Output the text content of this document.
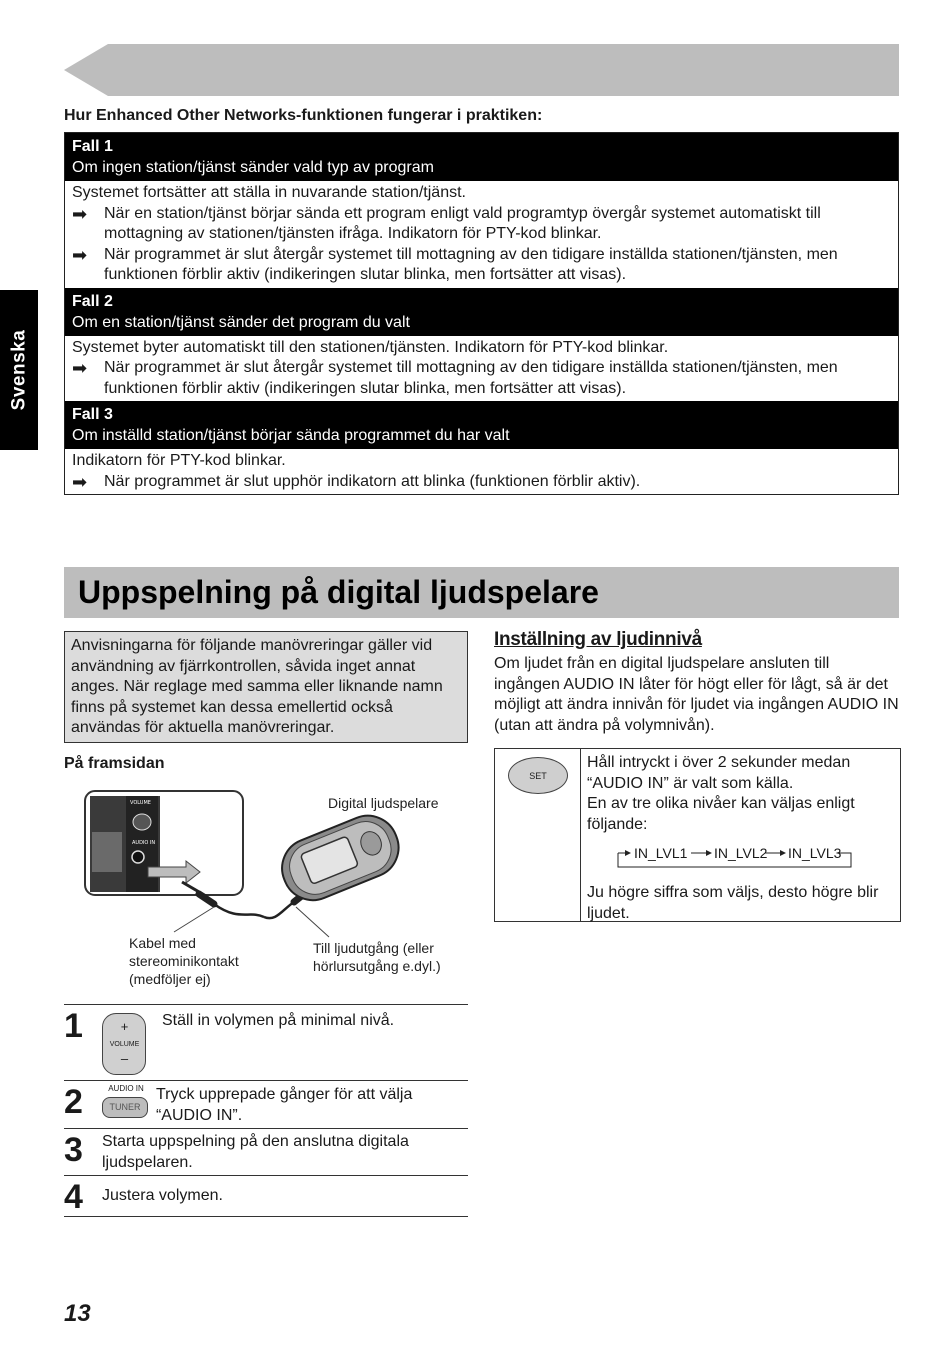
Svenska
Hur Enhanced Other Networks-funktionen fungerar i praktiken:
Fall 1
Om ingen station/tjänst sänder vald typ av program
Systemet fortsätter att ställa in nuvarande station/tjänst.
➡	När en station/tjänst börjar sända ett program enligt vald programtyp övergår systemet automatiskt till mottagning av stationen/tjänsten ifråga. Indikatorn för PTY-kod blinkar.
➡	När programmet är slut återgår systemet till mottagning av den tidigare inställda stationen/tjänsten, men funktionen förblir aktiv (indikeringen slutar blinka, men fortsätter att visas).
Fall 2
Om en station/tjänst sänder det program du valt
Systemet byter automatiskt till den stationen/tjänsten. Indikatorn för PTY-kod blinkar.
➡	När programmet är slut återgår systemet till mottagning av den tidigare inställda stationen/tjänsten, men funktionen förblir aktiv (indikeringen slutar blinka, men fortsätter att visas).
Fall 3
Om inställd station/tjänst börjar sända programmet du har valt
Indikatorn för PTY-kod blinkar.
➡	När programmet är slut upphör indikatorn att blinka (funktionen förblir aktiv).
Uppspelning på digital ljudspelare
Anvisningarna för följande manövreringar gäller vid användning av fjärrkontrollen, såvida inget annat anges. När reglage med samma eller liknande namn finns på systemet kan dessa emellertid också användas för aktuella manövreringar.
På framsidan
VOLUME
AUDIO IN
Digital ljudspelare
Kabel med stereominikontakt (medföljer ej)
Till ljudutgång (eller hörlursutgång e.dyl.)
1	+
VOLUME
–
Ställ in volymen på minimal nivå.
2	AUDIO IN
TUNER
Tryck upprepade gånger för att välja “AUDIO IN”.
3	Starta uppspelning på den anslutna digitala ljudspelaren.
4	Justera volymen.
Inställning av ljudinnivå
Om ljudet från en digital ljudspelare ansluten till ingången AUDIO IN låter för högt eller för lågt, så är det möjligt att ändra innivån för ljudet via ingången AUDIO IN (utan att ändra på volymnivån).
SET
Håll intryckt i över 2 sekunder medan “AUDIO IN” är valt som källa.
En av tre olika nivåer kan väljas enligt följande:
IN_LVL1 IN_LVL2 IN_LVL3
Ju högre siffra som väljs, desto högre blir ljudet.
13
